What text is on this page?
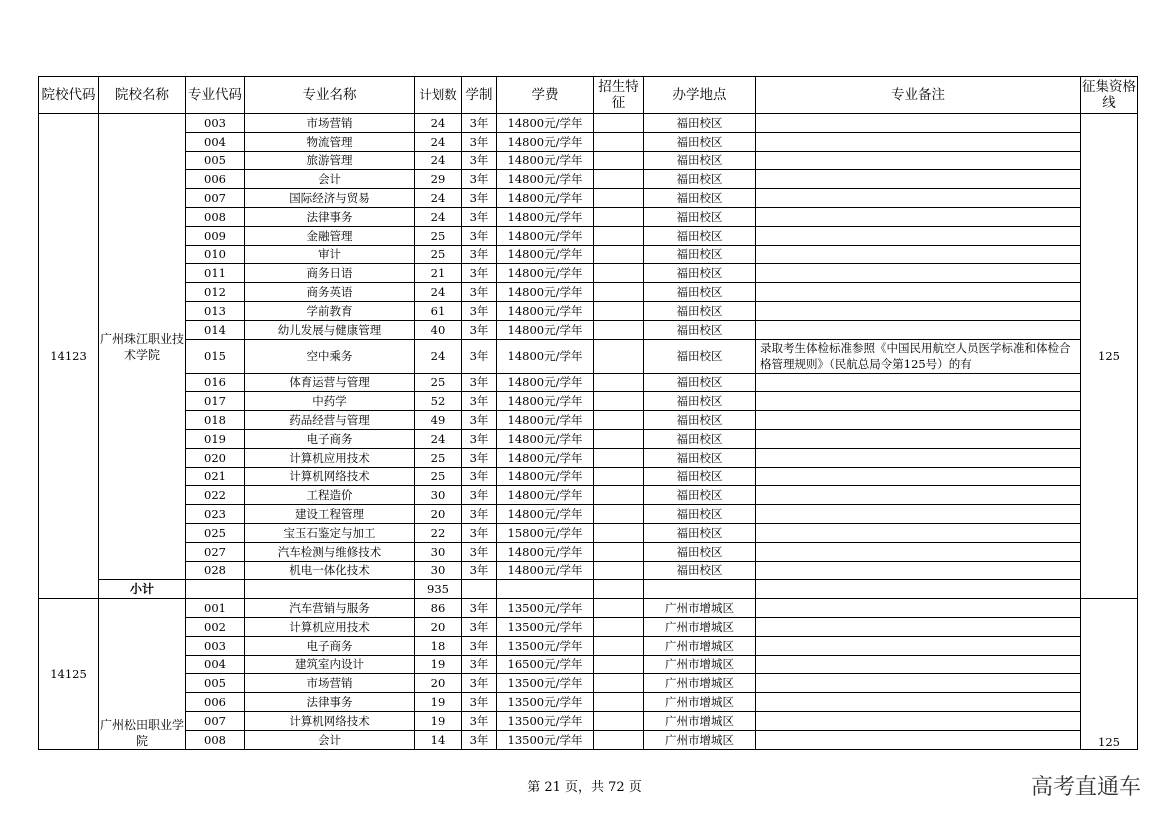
院校代码	院校名称	专业代码	专业名称	计划数	学制	学费	招生特征	办学地点	专业备注	征集资格线
14123	广州珠江职业技术学院	003	市场营销	24	3年	14800元/学年		福田校区		125
		004	物流管理	24	3年	14800元/学年		福田校区		
		005	旅游管理	24	3年	14800元/学年		福田校区		
		006	会计	29	3年	14800元/学年		福田校区		
		007	国际经济与贸易	24	3年	14800元/学年		福田校区		
		008	法律事务	24	3年	14800元/学年		福田校区		
		009	金融管理	25	3年	14800元/学年		福田校区		
		010	审计	25	3年	14800元/学年		福田校区		
		011	商务日语	21	3年	14800元/学年		福田校区		
		012	商务英语	24	3年	14800元/学年		福田校区		
		013	学前教育	61	3年	14800元/学年		福田校区		
		014	幼儿发展与健康管理	40	3年	14800元/学年		福田校区		
		015	空中乘务	24	3年	14800元/学年		福田校区	录取考生体检标准参照《中国民用航空人员医学标准和体检合格管理规则》（民航总局令第125号）的有	
		016	体育运营与管理	25	3年	14800元/学年		福田校区		
		017	中药学	52	3年	14800元/学年		福田校区		
		018	药品经营与管理	49	3年	14800元/学年		福田校区		
		019	电子商务	24	3年	14800元/学年		福田校区		
		020	计算机应用技术	25	3年	14800元/学年		福田校区		
		021	计算机网络技术	25	3年	14800元/学年		福田校区		
		022	工程造价	30	3年	14800元/学年		福田校区		
		023	建设工程管理	20	3年	14800元/学年		福田校区		
		025	宝玉石鉴定与加工	22	3年	15800元/学年		福田校区		
		027	汽车检测与维修技术	30	3年	14800元/学年		福田校区		
		028	机电一体化技术	30	3年	14800元/学年		福田校区		
	小计			935						
14125	广州松田职业学院	001	汽车营销与服务	86	3年	13500元/学年		广州市增城区		125
		002	计算机应用技术	20	3年	13500元/学年		广州市增城区		
		003	电子商务	18	3年	13500元/学年		广州市增城区		
		004	建筑室内设计	19	3年	16500元/学年		广州市增城区		
		005	市场营销	20	3年	13500元/学年		广州市增城区		
		006	法律事务	19	3年	13500元/学年		广州市增城区		
		007	计算机网络技术	19	3年	13500元/学年		广州市增城区		
		008	会计	14	3年	13500元/学年		广州市增城区		
第 21 页，共 72 页	高考直通车
